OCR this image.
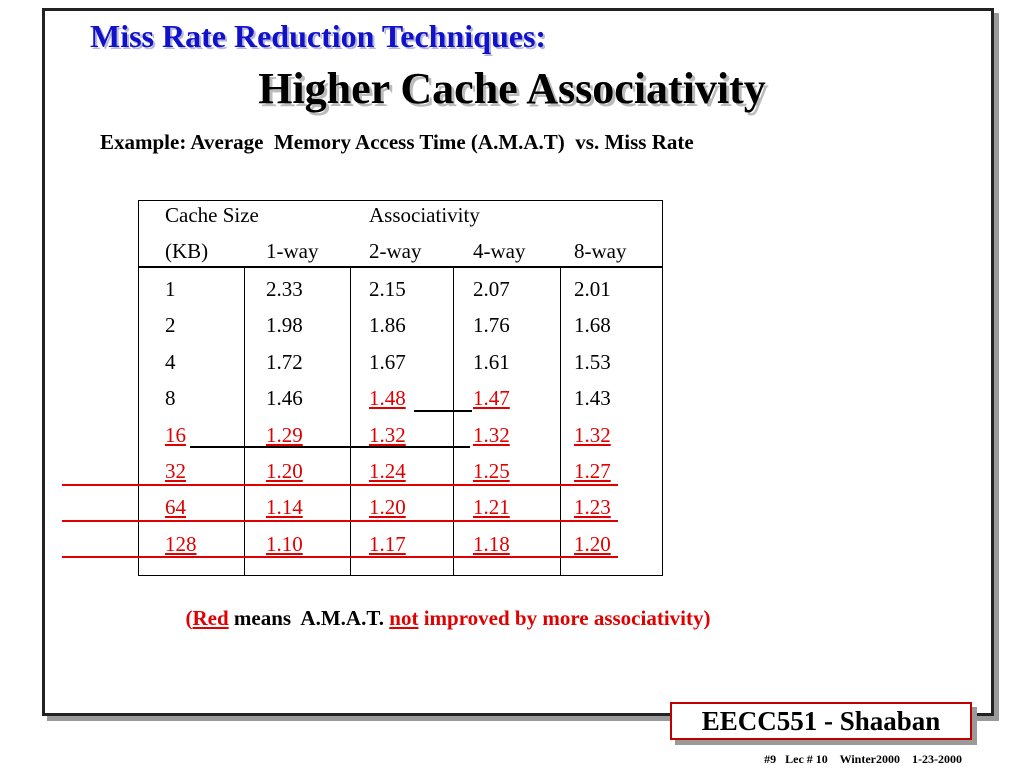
Miss Rate Reduction Techniques:
Higher Cache Associativity

Example: Average  Memory Access Time (A.M.A.T)  vs. Miss Rate

Cache Size	Associativity
(KB)	1-way 2-way 4-way 8-way
1	2.33	2.15	2.07	2.01
2	1.98	1.86	1.76	1.68
4	1.72	1.67	1.61	1.53
8	1.46	1.48	1.47	1.43
16	1.29	1.32	1.32	1.32
32	1.20	1.24	1.25	1.27
64	1.14	1.20	1.21	1.23
128	1.10	1.17	1.18	1.20
(Red means  A.M.A.T. not improved by more associativity)
EECC551 - Shaaban
#9   Lec # 10    Winter2000    1-23-2000
